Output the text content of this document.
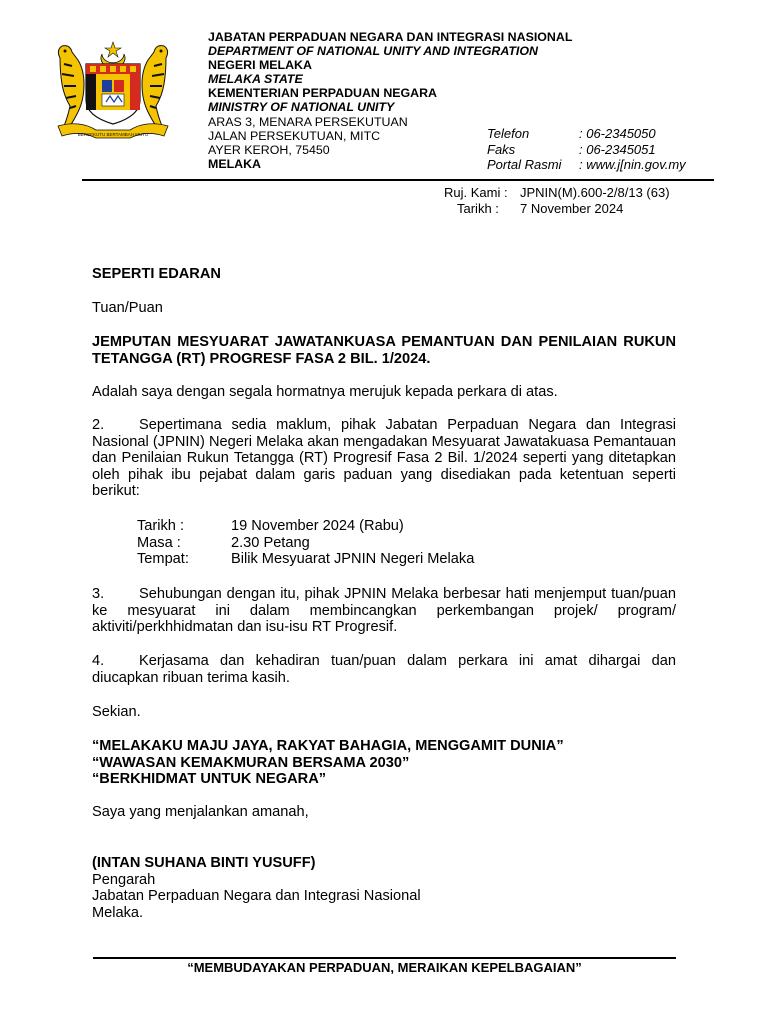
BERSEKUTU BERTAMBAH MUTU
JABATAN PERPADUAN NEGARA DAN INTEGRASI NASIONAL
DEPARTMENT OF NATIONAL UNITY AND INTEGRATION
NEGERI MELAKA
MELAKA STATE
KEMENTERIAN PERPADUAN NEGARA
MINISTRY OF NATIONAL UNITY
ARAS 3, MENARA PERSEKUTUAN
JALAN PERSEKUTUAN, MITC
AYER KEROH, 75450
MELAKA
Telefon	: 06-2345050
Faks	: 06-2345051
Portal Rasmi	: www.j[nin.gov.my
Ruj. Kami : JPNIN(M).600-2/8/13 (63)
Tarikh :	7 November 2024
SEPERTI EDARAN
Tuan/Puan
JEMPUTAN MESYUARAT JAWATANKUASA PEMANTUAN DAN PENILAIAN RUKUN TETANGGA (RT) PROGRESF FASA 2 BIL. 1/2024.
Adalah saya dengan segala hormatnya merujuk kepada perkara di atas.
2. Sepertimana sedia maklum, pihak Jabatan Perpaduan Negara dan Integrasi Nasional (JPNIN) Negeri Melaka akan mengadakan Mesyuarat Jawatakuasa Pemantauan dan Penilaian Rukun Tetangga (RT) Progresif Fasa 2 Bil. 1/2024 seperti yang ditetapkan oleh pihak ibu pejabat dalam garis paduan yang disediakan pada ketentuan seperti berikut:
Tarikh :	19 November 2024 (Rabu)
Masa :	2.30 Petang
Tempat:	Bilik Mesyuarat JPNIN Negeri Melaka
3. Sehubungan dengan itu, pihak JPNIN Melaka berbesar hati menjemput tuan/puan ke mesyuarat ini dalam membincangkan perkembangan projek/ program/ aktiviti/perkhhidmatan dan isu-isu RT Progresif.
4. Kerjasama dan kehadiran tuan/puan dalam perkara ini amat dihargai dan diucapkan ribuan terima kasih.
Sekian.
“MELAKAKU MAJU JAYA, RAKYAT BAHAGIA, MENGGAMIT DUNIA”
“WAWASAN KEMAKMURAN BERSAMA 2030”
“BERKHIDMAT UNTUK NEGARA”
Saya yang menjalankan amanah,
(INTAN SUHANA BINTI YUSUFF)
Pengarah
Jabatan Perpaduan Negara dan Integrasi Nasional
Melaka.
“MEMBUDAYAKAN PERPADUAN, MERAIKAN KEPELBAGAIAN”
